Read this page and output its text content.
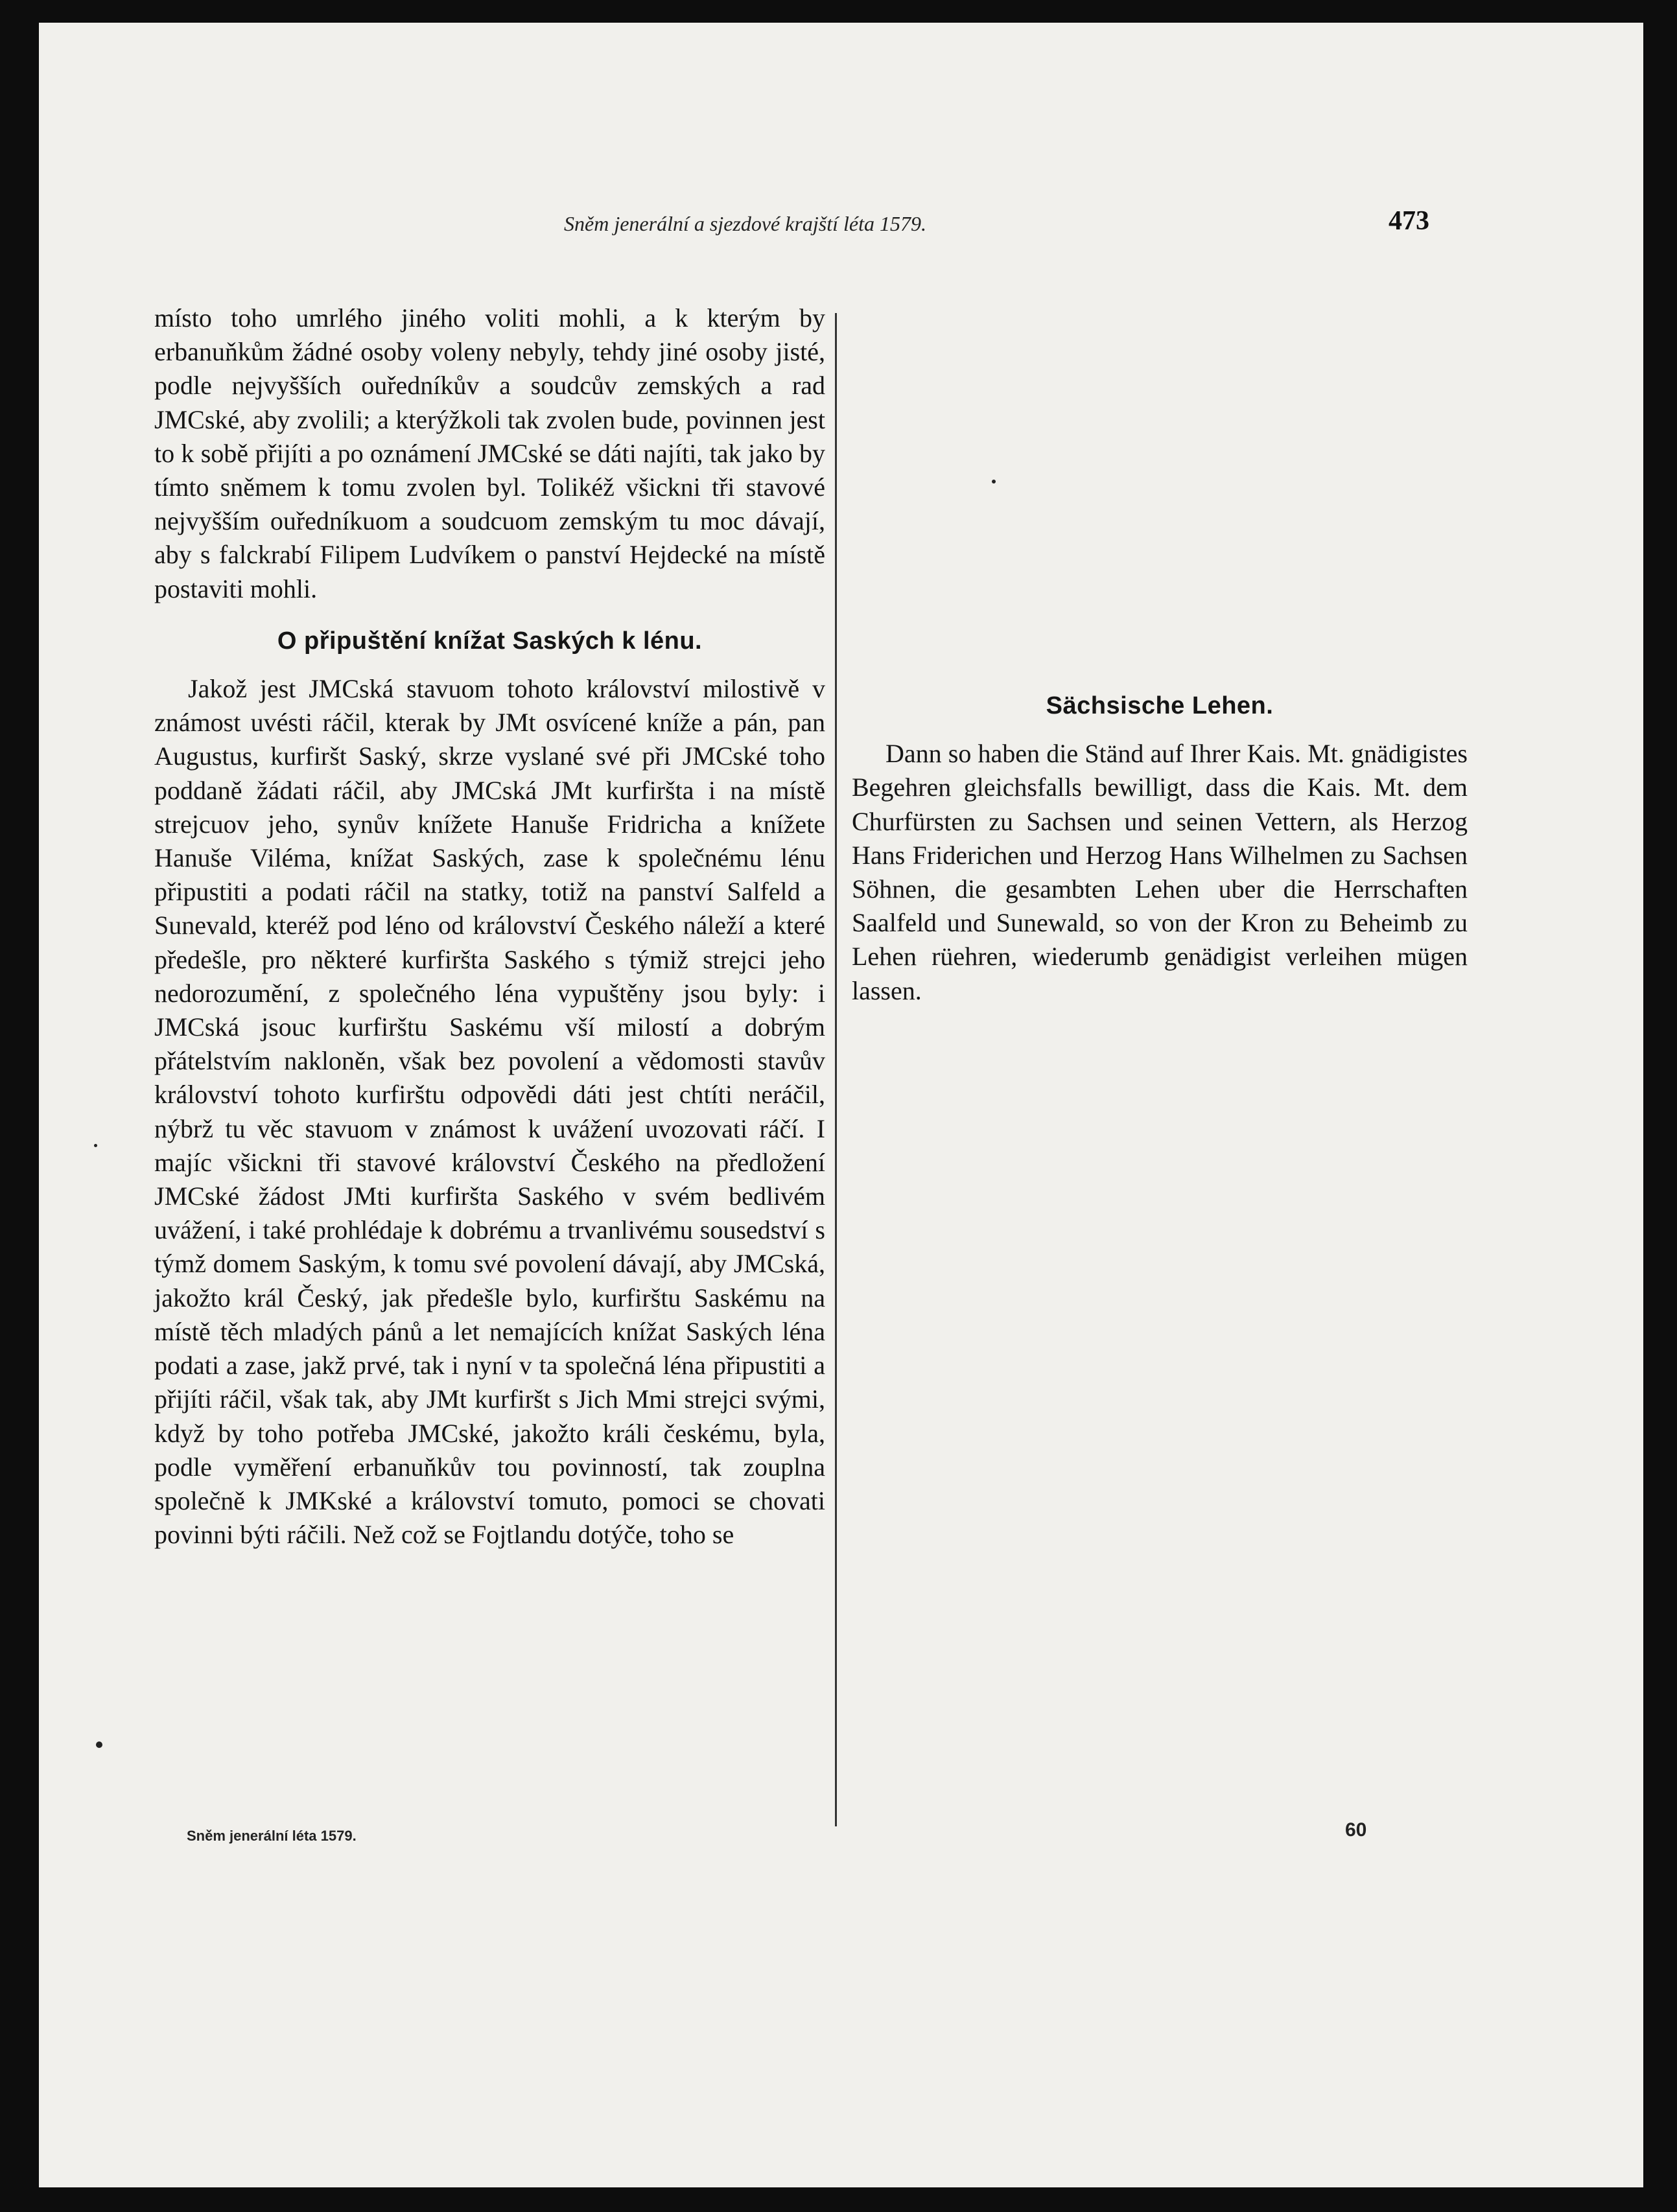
Sněm jenerální a sjezdové krajští léta 1579.	473

místo toho umrlého jiného voliti mohli, a k kterým by erbanuňkům žádné osoby voleny nebyly, tehdy jiné osoby jisté, podle nejvyšších ouředníkův a soudcův zemských a rad JMCské, aby zvolili; a kterýžkoli tak zvolen bude, povinnen jest to k sobě přijíti a po oznámení JMCské se dáti najíti, tak jako by tímto sněmem k tomu zvolen byl. Tolikéž všickni tři stavové nejvyšším ouředníkuom a soudcuom zemským tu moc dávají, aby s falckrabí Filipem Ludvíkem o panství Hejdecké na místě postaviti mohli.

O připuštění knížat Saských k lénu.

Jakož jest JMCská stavuom tohoto království milostivě v známost uvésti ráčil, kterak by JMt osvícené kníže a pán, pan Augustus, kurfiršt Saský, skrze vyslané své při JMCské toho poddaně žádati ráčil, aby JMCská JMt kurfiršta i na místě strejcuov jeho, synův knížete Hanuše Fridricha a knížete Hanuše Viléma, knížat Saských, zase k společnému lénu připustiti a podati ráčil na statky, totiž na panství Salfeld a Sunevald, kteréž pod léno od království Českého náleží a které předešle, pro některé kurfiršta Saského s týmiž strejci jeho nedorozumění, z společného léna vypuštěny jsou byly: i JMCská jsouc kurfirštu Saskému vší milostí a dobrým přátelstvím nakloněn, však bez povolení a vědomosti stavův království tohoto kurfirštu odpovědi dáti jest chtíti neráčil, nýbrž tu věc stavuom v známost k uvážení uvozovati ráčí. I majíc všickni tři stavové království Českého na předložení JMCské žádost JMti kurfiršta Saského v svém bedlivém uvážení, i také prohlédaje k dobrému a trvanlivému sousedství s týmž domem Saským, k tomu své povolení dávají, aby JMCská, jakožto král Český, jak předešle bylo, kurfirštu Saskému na místě těch mladých pánů a let nemajících knížat Saských léna podati a zase, jakž prvé, tak i nyní v ta společná léna připustiti a přijíti ráčil, však tak, aby JMt kurfiršt s Jich Mmi strejci svými, když by toho potřeba JMCské, jakožto králi českému, byla, podle vyměření erbanuňkův tou povinností, tak zouplna společně k JMKské a království tomuto, pomoci se chovati povinni býti ráčili. Než což se Fojtlandu dotýče, toho se

Sächsische Lehen.

Dann so haben die Ständ auf Ihrer Kais. Mt. gnädigistes Begehren gleichsfalls bewilligt, dass die Kais. Mt. dem Churfürsten zu Sachsen und seinen Vettern, als Herzog Hans Friderichen und Herzog Hans Wilhelmen zu Sachsen Söhnen, die gesambten Lehen uber die Herrschaften Saalfeld und Sunewald, so von der Kron zu Beheimb zu Lehen rüehren, wiederumb genädigist verleihen mügen lassen.

Sněm jenerální léta 1579.	60
